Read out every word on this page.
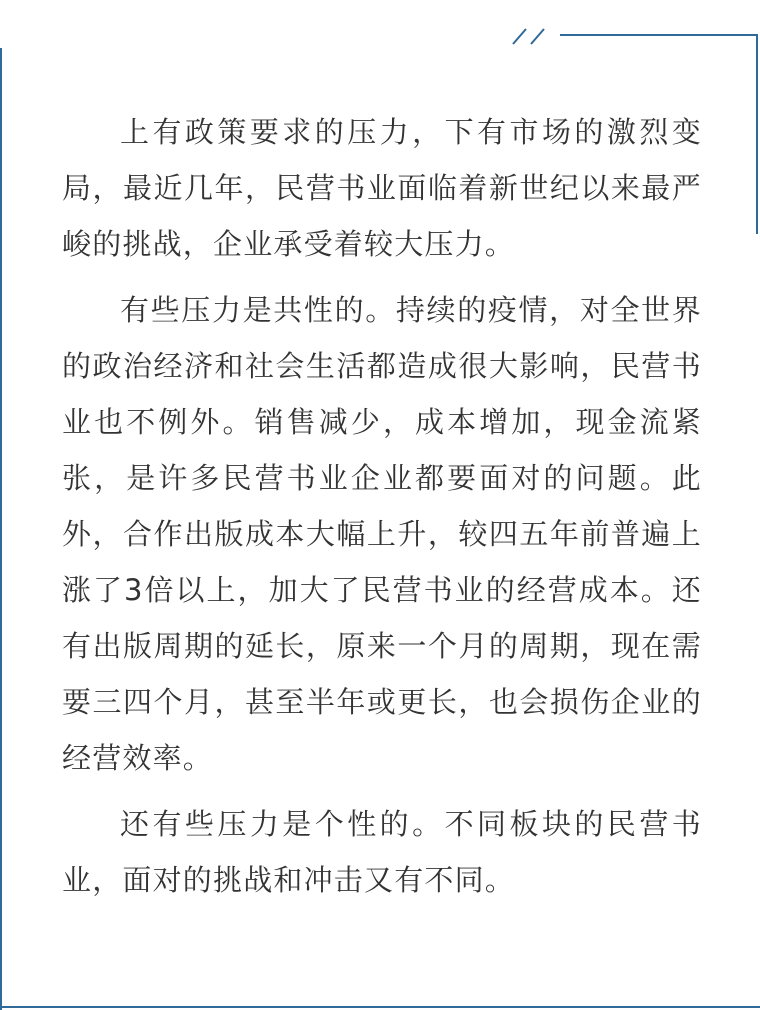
上有政策要求的压力，下有市场的激烈变局，最近几年，民营书业面临着新世纪以来最严峻的挑战，企业承受着较大压力。

有些压力是共性的。持续的疫情，对全世界的政治经济和社会生活都造成很大影响，民营书业也不例外。销售减少，成本增加，现金流紧张，是许多民营书业企业都要面对的问题。此外，合作出版成本大幅上升，较四五年前普遍上涨了3倍以上，加大了民营书业的经营成本。还有出版周期的延长，原来一个月的周期，现在需要三四个月，甚至半年或更长，也会损伤企业的经营效率。

还有些压力是个性的。不同板块的民营书业，面对的挑战和冲击又有不同。
